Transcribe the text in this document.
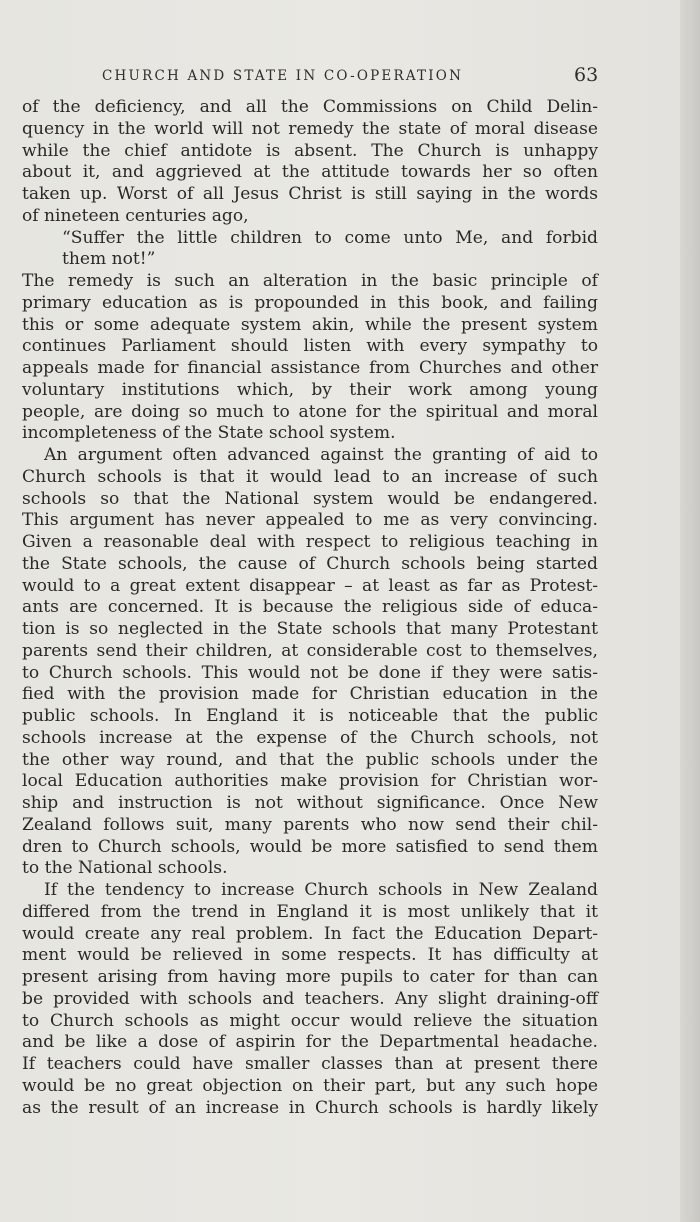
CHURCH AND STATE IN CO-OPERATION	63
of the deficiency, and all the Commissions on Child Delin-
quency in the world will not remedy the state of moral disease
while the chief antidote is absent. The Church is unhappy
about it, and aggrieved at the attitude towards her so often
taken up. Worst of all Jesus Christ is still saying in the words
of nineteen centuries ago,
“Suffer the little children to come unto Me, and forbid
them not!”
The remedy is such an alteration in the basic principle of
primary education as is propounded in this book, and failing
this or some adequate system akin, while the present system
continues Parliament should listen with every sympathy to
appeals made for financial assistance from Churches and other
voluntary institutions which, by their work among young
people, are doing so much to atone for the spiritual and moral
incompleteness of the State school system.
An argument often advanced against the granting of aid to
Church schools is that it would lead to an increase of such
schools so that the National system would be endangered.
This argument has never appealed to me as very convincing.
Given a reasonable deal with respect to religious teaching in
the State schools, the cause of Church schools being started
would to a great extent disappear – at least as far as Protest-
ants are concerned. It is because the religious side of educa-
tion is so neglected in the State schools that many Protestant
parents send their children, at considerable cost to themselves,
to Church schools. This would not be done if they were satis-
fied with the provision made for Christian education in the
public schools. In England it is noticeable that the public
schools increase at the expense of the Church schools, not
the other way round, and that the public schools under the
local Education authorities make provision for Christian wor-
ship and instruction is not without significance. Once New
Zealand follows suit, many parents who now send their chil-
dren to Church schools, would be more satisfied to send them
to the National schools.
If the tendency to increase Church schools in New Zealand
differed from the trend in England it is most unlikely that it
would create any real problem. In fact the Education Depart-
ment would be relieved in some respects. It has difficulty at
present arising from having more pupils to cater for than can
be provided with schools and teachers. Any slight draining-off
to Church schools as might occur would relieve the situation
and be like a dose of aspirin for the Departmental headache.
If teachers could have smaller classes than at present there
would be no great objection on their part, but any such hope
as the result of an increase in Church schools is hardly likely
